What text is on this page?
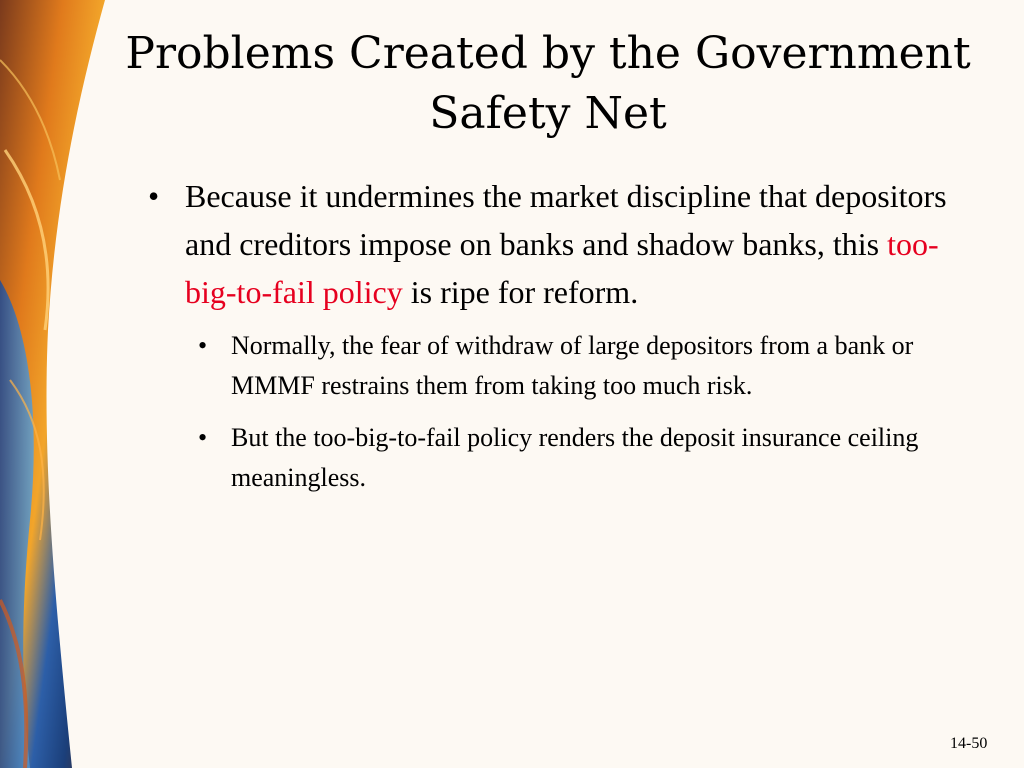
Problems Created by the Government
Safety Net

• Because it undermines the market discipline that depositors and creditors impose on banks and shadow banks, this too-big-to-fail policy is ripe for reform.

• Normally, the fear of withdraw of large depositors from a bank or MMMF restrains them from taking too much risk.

• But the too-big-to-fail policy renders the deposit insurance ceiling meaningless.

14-50
